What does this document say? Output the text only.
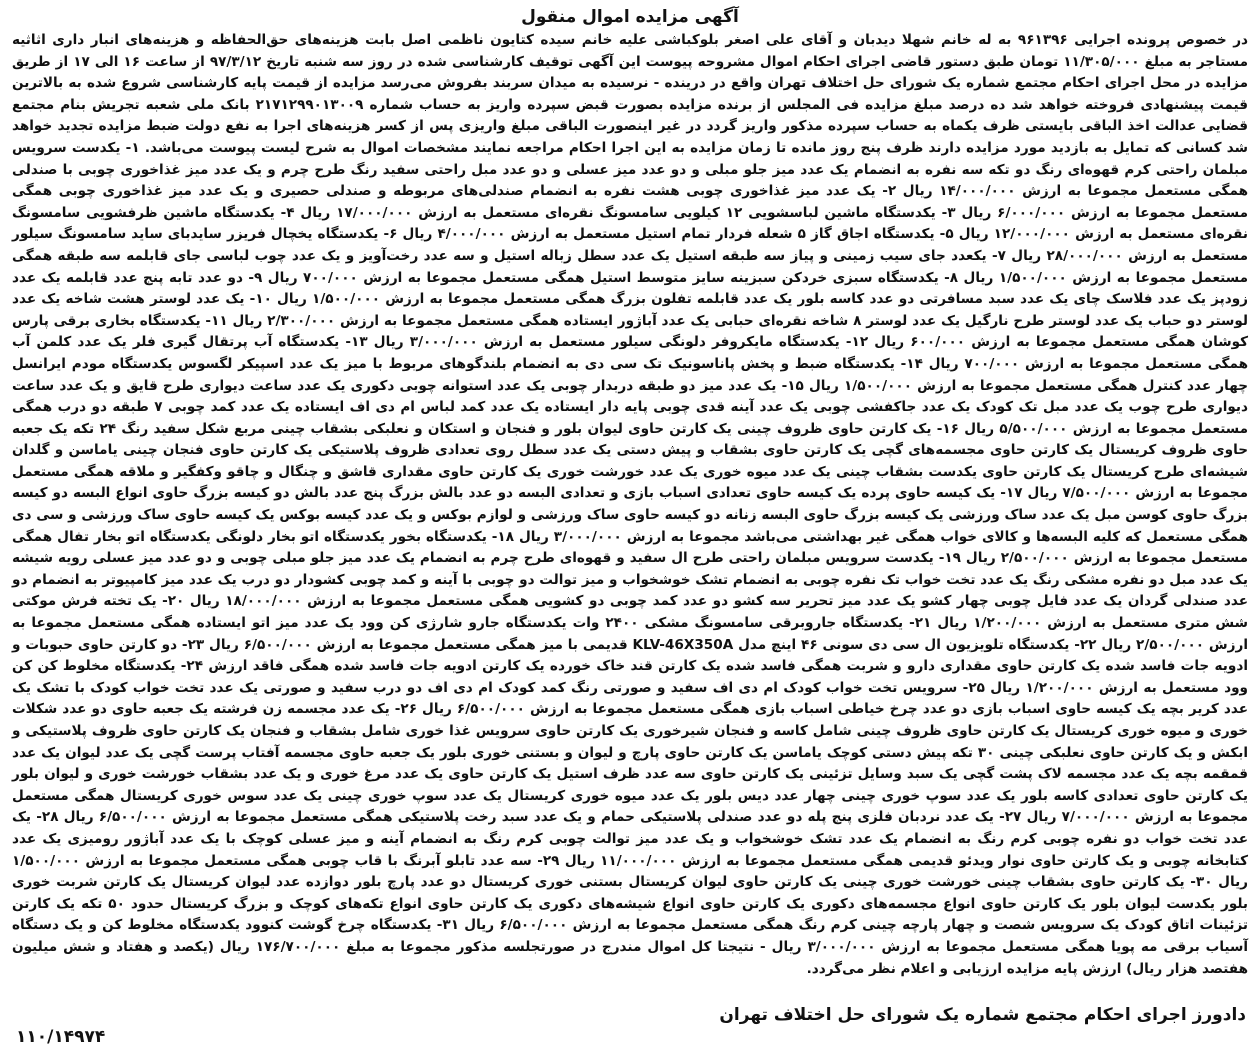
آگهی مزایده اموال منقول

در خصوص پرونده اجرایی ۹۶۱۳۹۶ به له خانم شهلا دیدبان و آقای علی اصغر بلوکباشی علیه خانم سیده کتایون ناظمی اصل بابت هزینه‌های حق‌الحفاظه و هزینه‌های انبار داری اثاثیه مستاجر به مبلغ ۱۱/۳۰۵/۰۰۰ تومان طبق دستور قاضی اجرای احکام اموال مشروحه پیوست این آگهی توقیف کارشناسی شده در روز سه شنبه تاریخ ۹۷/۳/۱۲ از ساعت ۱۶ الی ۱۷ از طریق مزایده در محل اجرای احکام مجتمع شماره یک شورای حل اختلاف تهران واقع در درینده - نرسیده به میدان سربند بفروش می‌رسد مزایده از قیمت پایه کارشناسی شروع شده به بالاترین قیمت پیشنهادی فروخته خواهد شد ده درصد مبلغ مزایده فی المجلس از برنده مزایده بصورت قبض سپرده واریز به حساب شماره ۲۱۷۱۲۹۹۰۱۳۰۰۹ بانک ملی شعبه تجریش بنام مجتمع قضایی عدالت اخذ الباقی بایستی ظرف یکماه به حساب سپرده مذکور واریز گردد در غیر اینصورت الباقی مبلغ واریزی پس از کسر هزینه‌های اجرا به نفع دولت ضبط مزایده تجدید خواهد شد کسانی که تمایل به بازدید مورد مزایده دارند ظرف پنج روز مانده تا زمان مزایده به این اجرا احکام مراجعه نمایند مشخصات اموال به شرح لیست پیوست می‌باشد. ۱- یکدست سرویس مبلمان راحتی کرم قهوه‌ای رنگ دو تکه سه نفره به انضمام یک عدد میز جلو مبلی و دو عدد میز عسلی و دو عدد مبل راحتی سفید رنگ طرح چرم و یک عدد میز غذاخوری چوبی با صندلی همگی مستعمل مجموعا به ارزش ۱۴/۰۰۰/۰۰۰ ریال ۲- یک عدد میز غذاخوری چوبی هشت نفره به انضمام صندلی‌های مربوطه و صندلی حصیری و یک عدد میز غذاخوری چوبی همگی مستعمل مجموعا به ارزش ۶/۰۰۰/۰۰۰ ریال ۳- یکدستگاه ماشین لباسشویی ۱۲ کیلویی سامسونگ نقره‌ای مستعمل به ارزش ۱۷/۰۰۰/۰۰۰ ریال ۴- یکدستگاه ماشین ظرفشویی سامسونگ نقره‌ای مستعمل به ارزش ۱۲/۰۰۰/۰۰۰ ریال ۵- یکدستگاه اجاق گاز ۵ شعله فردار تمام استیل مستعمل به ارزش ۴/۰۰۰/۰۰۰ ریال ۶- یکدستگاه یخچال فریزر سایدبای ساید سامسونگ سیلور مستعمل به ارزش ۲۸/۰۰۰/۰۰۰ ریال ۷- یکعدد جای سیب زمینی و پیاز سه طبقه استیل یک عدد سطل زباله استیل و سه عدد رخت‌آویز و یک عدد چوب لباسی جای قابلمه سه طبقه همگی مستعمل مجموعا به ارزش ۱/۵۰۰/۰۰۰ ریال ۸- یکدستگاه سبزی خردکن سبزینه سایز متوسط استیل همگی مستعمل مجموعا به ارزش ۷۰۰/۰۰۰ ریال ۹- دو عدد تابه پنج عدد قابلمه یک عدد زودپز یک عدد فلاسک چای یک عدد سبد مسافرتی دو عدد کاسه بلور یک عدد قابلمه تفلون بزرگ همگی مستعمل مجموعا به ارزش ۱/۵۰۰/۰۰۰ ریال ۱۰- یک عدد لوستر هشت شاخه یک عدد لوستر دو حباب یک عدد لوستر طرح نارگیل یک عدد لوستر ۸ شاخه نقره‌ای حبابی یک عدد آباژور ایستاده همگی مستعمل مجموعا به ارزش ۲/۳۰۰/۰۰۰ ریال ۱۱- یکدستگاه بخاری برقی پارس کوشان همگی مستعمل مجموعا به ارزش ۶۰۰/۰۰۰ ریال ۱۲- یکدستگاه مایکروفر دلونگی سیلور مستعمل به ارزش ۳/۰۰۰/۰۰۰ ریال ۱۳- یکدستگاه آب پرتقال گیری فلر یک عدد کلمن آب همگی مستعمل مجموعا به ارزش ۷۰۰/۰۰۰ ریال ۱۴- یکدستگاه ضبط و پخش پاناسونیک تک سی دی به انضمام بلندگوهای مربوط با میز یک عدد اسپیکر لگسوس یکدستگاه مودم ایرانسل چهار عدد کنترل همگی مستعمل مجموعا به ارزش ۱/۵۰۰/۰۰۰ ریال ۱۵- یک عدد میز دو طبقه دربدار چوبی یک عدد استوانه چوبی دکوری یک عدد ساعت دیواری طرح قایق و یک عدد ساعت دیواری طرح چوب یک عدد مبل تک کودک یک عدد جاکفشی چوبی یک عدد آینه قدی چوبی پایه دار ایستاده یک عدد کمد لباس ام دی اف ایستاده یک عدد کمد چوبی ۷ طبقه دو درب همگی مستعمل مجموعا به ارزش ۵/۵۰۰/۰۰۰ ریال ۱۶- یک کارتن حاوی ظروف چینی یک کارتن حاوی لیوان بلور و فنجان و استکان و نعلبکی بشقاب چینی مربع شکل سفید رنگ ۲۴ تکه یک جعبه حاوی ظروف کریستال یک کارتن حاوی مجسمه‌های گچی یک کارتن حاوی بشقاب و پیش دستی یک عدد سطل روی تعدادی ظروف پلاستیکی یک کارتن حاوی فنجان چینی یاماسن و گلدان شیشه‌ای طرح کریستال یک کارتن حاوی یکدست بشقاب چینی یک عدد میوه خوری یک عدد خورشت خوری یک کارتن حاوی مقداری قاشق و چنگال و چاقو وکفگیر و ملاقه همگی مستعمل مجموعا به ارزش ۷/۵۰۰/۰۰۰ ریال ۱۷- یک کیسه حاوی پرده یک کیسه حاوی تعدادی اسباب بازی و تعدادی البسه دو عدد بالش بزرگ پنج عدد بالش دو کیسه بزرگ حاوی انواع البسه دو کیسه بزرگ حاوی کوسن مبل یک عدد ساک ورزشی یک کیسه بزرگ حاوی البسه زنانه دو کیسه حاوی ساک ورزشی و لوازم بوکس و یک عدد کیسه بوکس یک کیسه حاوی ساک ورزشی و سی دی همگی مستعمل که کلیه البسه‌ها و کالای خواب همگی غیر بهداشتی می‌باشد مجموعا به ارزش ۳/۰۰۰/۰۰۰ ریال ۱۸- یکدستگاه بخور یکدستگاه اتو بخار دلونگی یکدستگاه اتو بخار تفال همگی مستعمل مجموعا به ارزش ۲/۵۰۰/۰۰۰ ریال ۱۹- یکدست سرویس مبلمان راحتی طرح ال سفید و قهوه‌ای طرح چرم به انضمام یک عدد میز جلو مبلی چوبی و دو عدد میز عسلی رویه شیشه یک عدد مبل دو نفره مشکی رنگ یک عدد تخت خواب تک نفره چوبی به انضمام تشک خوشخواب و میز توالت دو چوبی با آینه و کمد چوبی کشودار دو درب یک عدد میز کامپیوتر به انضمام دو عدد صندلی گردان یک عدد فایل چوبی چهار کشو یک عدد میز تحریر سه کشو دو عدد کمد چوبی دو کشویی همگی مستعمل مجموعا به ارزش ۱۸/۰۰۰/۰۰۰ ریال ۲۰- یک تخته فرش موکتی شش متری مستعمل به ارزش ۱/۲۰۰/۰۰۰ ریال ۲۱- یکدستگاه جاروبرقی سامسونگ مشکی ۲۴۰۰ وات یکدستگاه جارو شارژی کن وود یک عدد میز اتو ایستاده همگی مستعمل مجموعا به ارزش ۲/۵۰۰/۰۰۰ ریال ۲۲- یکدستگاه تلویزیون ال سی دی سونی ۴۶ اینچ مدل KLV-46X350A قدیمی با میز همگی مستعمل مجموعا به ارزش ۶/۵۰۰/۰۰۰ ریال ۲۳- دو کارتن حاوی حبوبات و ادویه جات فاسد شده یک کارتن حاوی مقداری دارو و شربت همگی فاسد شده یک کارتن قند خاک خورده یک کارتن ادویه جات فاسد شده همگی فاقد ارزش ۲۴- یکدستگاه مخلوط کن کن وود مستعمل به ارزش ۱/۲۰۰/۰۰۰ ریال ۲۵- سرویس تخت خواب کودک ام دی اف سفید و صورتی رنگ کمد کودک ام دی اف دو درب سفید و صورتی یک عدد تخت خواب کودک با تشک یک عدد کریر بچه یک کیسه حاوی اسباب بازی دو عدد چرخ خیاطی اسباب بازی همگی مستعمل مجموعا به ارزش ۶/۵۰۰/۰۰۰ ریال ۲۶- یک عدد مجسمه زن فرشته یک جعبه حاوی دو عدد شکلات خوری و میوه خوری کریستال یک کارتن حاوی ظروف چینی شامل کاسه و فنجان شیرخوری یک کارتن حاوی سرویس غذا خوری شامل بشقاب و فنجان یک کارتن حاوی ظروف پلاستیکی و ابکش و یک کارتن حاوی نعلبکی چینی ۳۰ تکه پیش دستی کوچک یاماسن یک کارتن حاوی پارچ و لیوان و بستنی خوری بلور یک جعبه حاوی مجسمه آفتاب پرست گچی یک عدد لیوان یک عدد قمقمه بچه یک عدد مجسمه لاک پشت گچی یک سبد وسایل تزئینی یک کارتن حاوی سه عدد ظرف استیل یک کارتن حاوی یک عدد مرغ خوری و یک عدد بشقاب خورشت خوری و لیوان بلور یک کارتن حاوی تعدادی کاسه بلور یک عدد سوپ خوری چینی چهار عدد دیس بلور یک عدد میوه خوری کریستال یک عدد سوپ خوری چینی یک عدد سوس خوری کریستال همگی مستعمل مجموعا به ارزش ۷/۰۰۰/۰۰۰ ریال ۲۷- یک عدد نردبان فلزی پنج پله دو عدد صندلی پلاستیکی حمام و یک عدد سبد رخت پلاستیکی همگی مستعمل مجموعا به ارزش ۶/۵۰۰/۰۰۰ ریال ۲۸- یک عدد تخت خواب دو نفره چوبی کرم رنگ به انضمام یک عدد تشک خوشخواب و یک عدد میز توالت چوبی کرم رنگ به انضمام آینه و میز عسلی کوچک با یک عدد آباژور رومیزی یک عدد کتابخانه چوبی و یک کارتن حاوی نوار ویدئو قدیمی همگی مستعمل مجموعا به ارزش ۱۱/۰۰۰/۰۰۰ ریال ۲۹- سه عدد تابلو آبرنگ با قاب چوبی همگی مستعمل مجموعا به ارزش ۱/۵۰۰/۰۰۰ ریال ۳۰- یک کارتن حاوی بشقاب چینی خورشت خوری چینی یک کارتن حاوی لیوان کریستال بستنی خوری کریستال دو عدد پارچ بلور دوازده عدد لیوان کریستال یک کارتن شربت خوری بلور یکدست لیوان بلور یک کارتن حاوی انواع مجسمه‌های دکوری یک کارتن حاوی انواع شیشه‌های دکوری یک کارتن حاوی انواع تکه‌های کوچک و بزرگ کریستال حدود ۵۰ تکه یک کارتن تزئینات اتاق کودک یک سرویس شصت و چهار پارچه چینی کرم رنگ همگی مستعمل مجموعا به ارزش ۶/۵۰۰/۰۰۰ ریال ۳۱- یکدستگاه چرخ گوشت کنوود یکدستگاه مخلوط کن و یک دستگاه آسیاب برقی مه پویا همگی مستعمل مجموعا به ارزش ۳/۰۰۰/۰۰۰ ریال - نتیجتا کل اموال مندرج در صورتجلسه مذکور مجموعا به مبلغ ۱۷۶/۷۰۰/۰۰۰ ریال (یکصد و هفتاد و شش میلیون هفتصد هزار ریال) ارزش پایه مزایده ارزیابی و اعلام نظر می‌گردد.

دادورز اجرای احکام مجتمع شماره یک شورای حل اختلاف تهران
۱۱۰/۱۴۹۷۴
